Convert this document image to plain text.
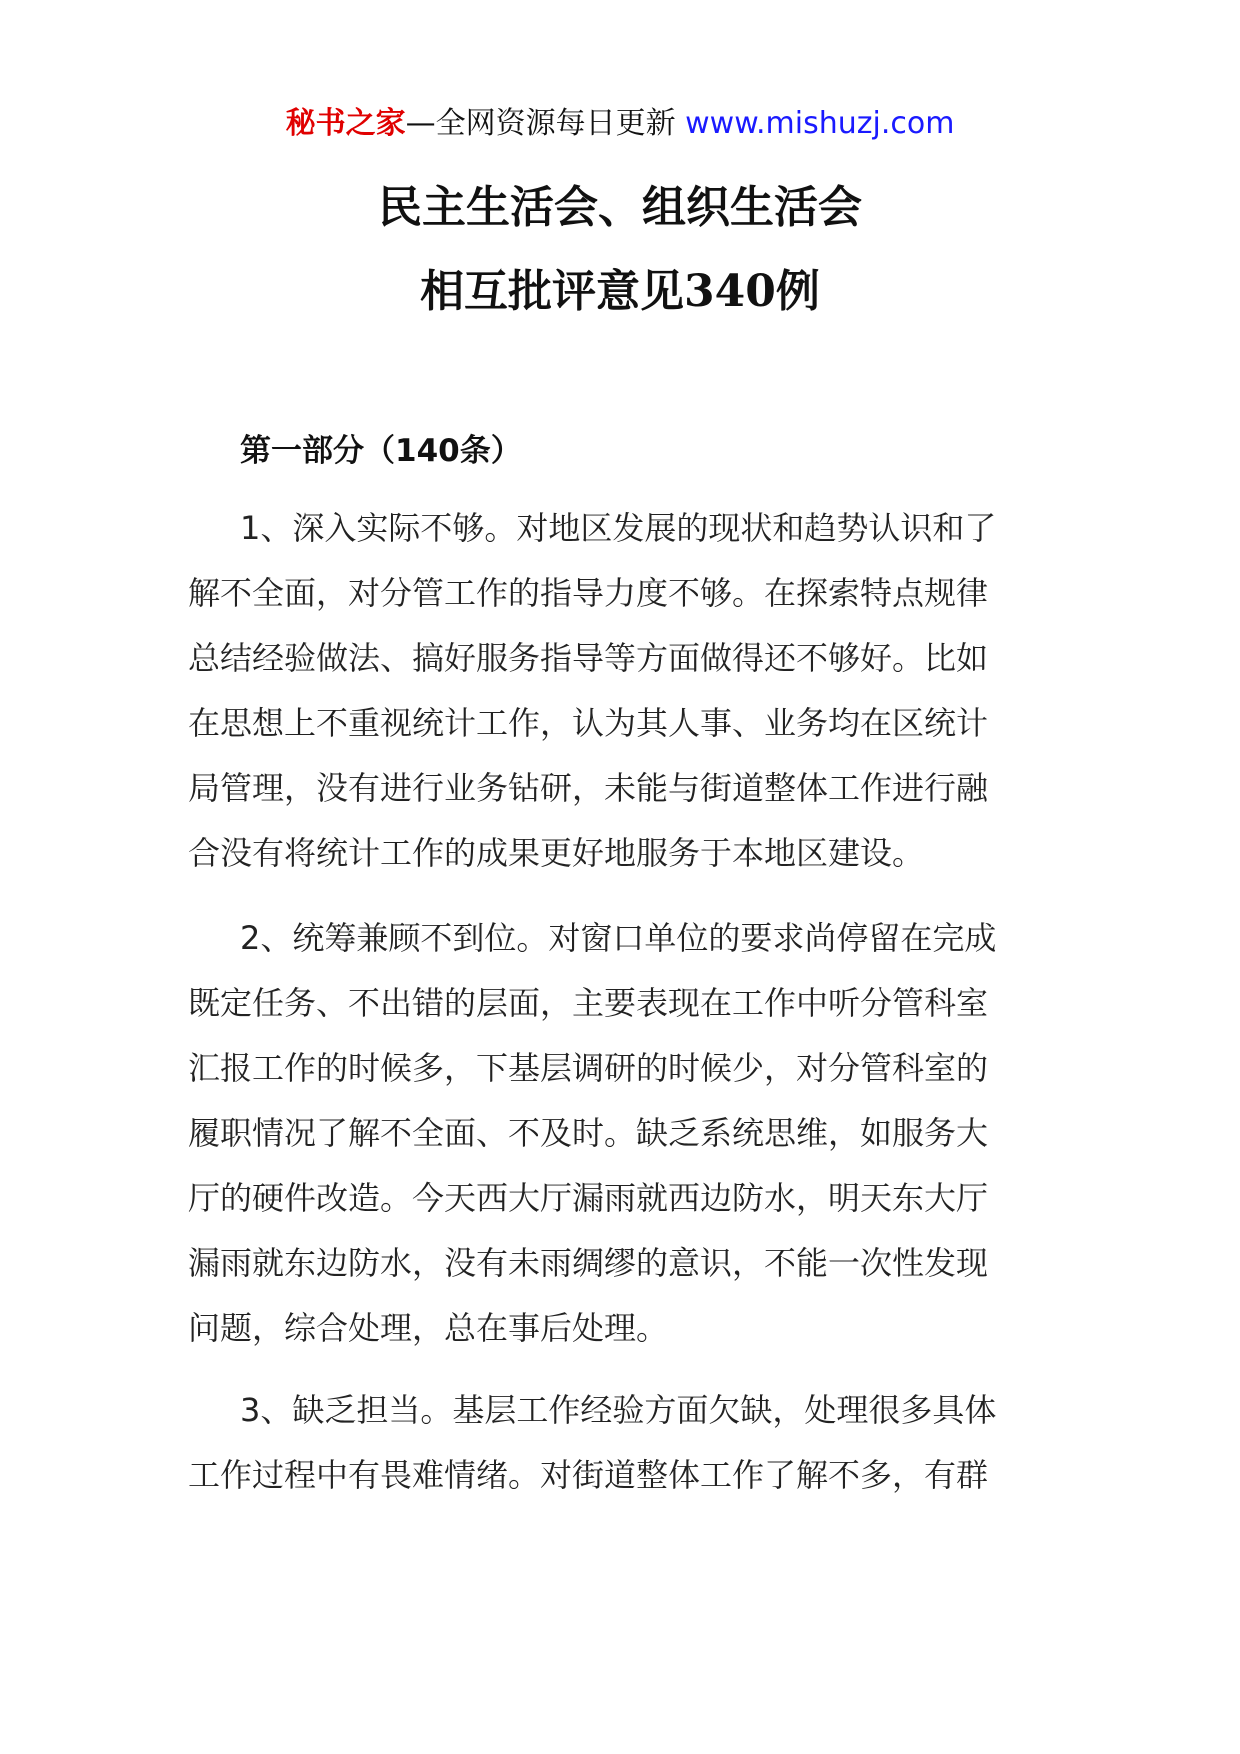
秘书之家—全网资源每日更新 www.mishuzj.com
民主生活会、组织生活会
相互批评意见340例
第一部分（140条）
1、深入实际不够。对地区发展的现状和趋势认识和了
解不全面，对分管工作的指导力度不够。在探索特点规律
总结经验做法、搞好服务指导等方面做得还不够好。比如
在思想上不重视统计工作，认为其人事、业务均在区统计
局管理，没有进行业务钻研，未能与街道整体工作进行融
合没有将统计工作的成果更好地服务于本地区建设。
2、统筹兼顾不到位。对窗口单位的要求尚停留在完成
既定任务、不出错的层面，主要表现在工作中听分管科室
汇报工作的时候多，下基层调研的时候少，对分管科室的
履职情况了解不全面、不及时。缺乏系统思维，如服务大
厅的硬件改造。今天西大厅漏雨就西边防水，明天东大厅
漏雨就东边防水，没有未雨绸缪的意识，不能一次性发现
问题，综合处理，总在事后处理。
3、缺乏担当。基层工作经验方面欠缺，处理很多具体
工作过程中有畏难情绪。对街道整体工作了解不多，有群
